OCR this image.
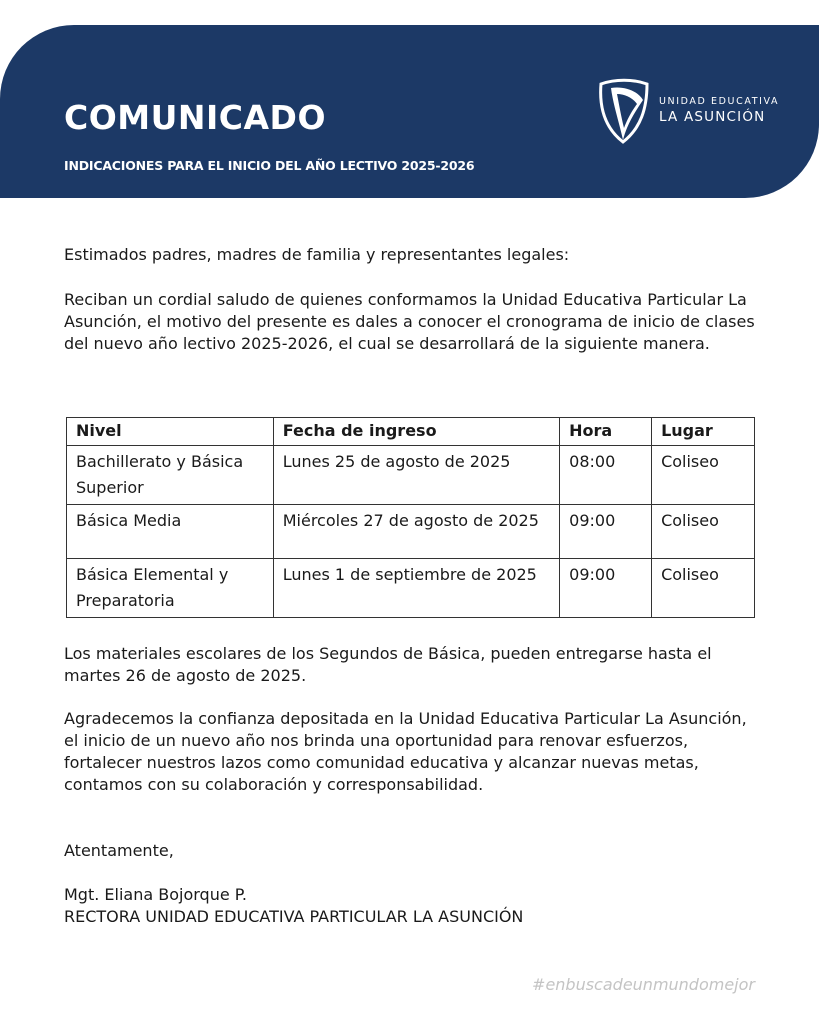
COMUNICADO
INDICACIONES PARA EL INICIO DEL AÑO LECTIVO 2025-2026
UNIDAD EDUCATIVA
LA ASUNCIÓN

Estimados padres, madres de familia y representantes legales:

Reciban un cordial saludo de quienes conformamos la Unidad Educativa Particular La Asunción, el motivo del presente es dales a conocer el cronograma de inicio de clases del nuevo año lectivo 2025-2026, el cual se desarrollará de la siguiente manera.

Nivel	Fecha de ingreso	Hora	Lugar
Bachillerato y Básica Superior	Lunes 25 de agosto de 2025	08:00	Coliseo
Básica Media	Miércoles 27 de agosto de 2025	09:00	Coliseo
Básica Elemental y Preparatoria	Lunes 1 de septiembre de 2025	09:00	Coliseo

Los materiales escolares de los Segundos de Básica, pueden entregarse hasta el martes 26 de agosto de 2025.

Agradecemos la confianza depositada en la Unidad Educativa Particular La Asunción, el inicio de un nuevo año nos brinda una oportunidad para renovar esfuerzos, fortalecer nuestros lazos como comunidad educativa y alcanzar nuevas metas, contamos con su colaboración y corresponsabilidad.

Atentamente,

Mgt. Eliana Bojorque P.

RECTORA UNIDAD EDUCATIVA PARTICULAR LA ASUNCIÓN

#enbuscadeunmundomejor
